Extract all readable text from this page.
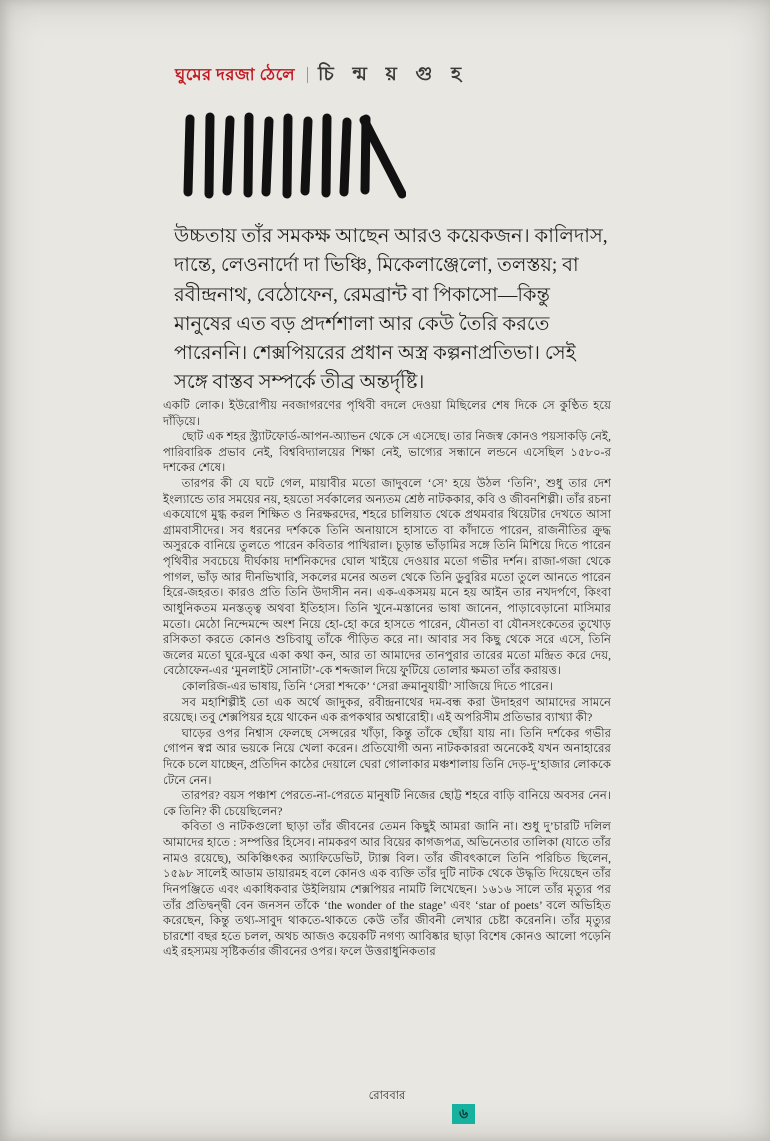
ঘুমের দরজা ঠেলে চি ন্ম য় গু হ
উচ্চতায় তাঁর সমকক্ষ আছেন আরও কয়েকজন। কালিদাস, দান্তে, লেওনার্দো দা ভিঞ্চি, মিকেলাঞ্জেলো, তলস্তয়; বা রবীন্দ্রনাথ, বেঠোফেন, রেমব্রান্ট বা পিকাসো—কিন্তু মানুষের এত বড় প্রদর্শশালা আর কেউ তৈরি করতে পারেননি। শেক্সপিয়রের প্রধান অস্ত্র কল্পনাপ্রতিভা। সেই সঙ্গে বাস্তব সম্পর্কে তীব্র অন্তর্দৃষ্টি।

একটি লোক। ইউরোপীয় নবজাগরণের পৃথিবী বদলে দেওয়া মিছিলের শেষ দিকে সে কুণ্ঠিত হয়ে দাঁড়িয়ে।

ছোট এক শহর স্ট্র্যাটফোর্ড-আপন-অ্যাভন থেকে সে এসেছে। তার নিজস্ব কোনও পয়সাকড়ি নেই, পারিবারিক প্রভাব নেই, বিশ্ববিদ্যালয়ের শিক্ষা নেই, ভাগ্যের সন্ধানে লন্ডনে এসেছিল ১৫৮০-র দশকের শেষে।

তারপর কী যে ঘটে গেল, মায়াবীর মতো জাদুবলে ‘সে’ হয়ে উঠল ‘তিনি’, শুধু তার দেশ ইংল্যান্ডে তার সময়ের নয়, হয়তো সর্বকালের অন্যতম শ্রেষ্ঠ নাটককার, কবি ও জীবনশিল্পী। তাঁর রচনা একযোগে মুগ্ধ করল শিক্ষিত ও নিরক্ষরদের, শহরে চালিয়াত থেকে প্রথমবার থিয়েটার দেখতে আসা গ্রামবাসীদের। সব ধরনের দর্শককে তিনি অনায়াসে হাসাতে বা কাঁদাতে পারেন, রাজনীতির ক্রুদ্ধ অসুরকে বানিয়ে তুলতে পারেন কবিতার পাখিরাল। চূড়ান্ত ভাঁড়ামির সঙ্গে তিনি মিশিয়ে দিতে পারেন পৃথিবীর সবচেয়ে দীর্ঘকায় দার্শনিকদের ঘোল খাইয়ে দেওয়ার মতো গভীর দর্শন। রাজা-গজা থেকে পাগল, ভাঁড় আর দীনভিখারি, সকলের মনের অতল থেকে তিনি ডুবুরির মতো তুলে আনতে পারেন হিরে-জহরত। কারও প্রতি তিনি উদাসীন নন। এক-একসময় মনে হয় আইন তার নখদর্পণে, কিংবা আধুনিকতম মনস্তত্ত্ব অথবা ইতিহাস। তিনি খুনে-মস্তানের ভাষা জানেন, পাড়াবেড়ানো মাসিমার মতো। মেঠো নিন্দেমন্দে অংশ নিয়ে হো-হো করে হাসতে পারেন, যৌনতা বা যৌনসংকেতের তুখোড় রসিকতা করতে কোনও শুচিবায়ু তাঁকে পীড়িত করে না। আবার সব কিছু থেকে সরে এসে, তিনি জলের মতো ঘুরে-ঘুরে একা কথা কন, আর তা আমাদের তানপুরার তারের মতো মন্দ্রিত করে দেয়, বেঠোফেন-এর ‘মুনলাইট সোনাটা’-কে শব্দজাল দিয়ে ফুটিয়ে তোলার ক্ষমতা তাঁর করায়ত্ত।

কোলরিজ-এর ভাষায়, তিনি ‘সেরা শব্দকে’ ‘সেরা ক্রমানুযায়ী’ সাজিয়ে দিতে পারেন।

সব মহাশিল্পীই তো এক অর্থে জাদুকর, রবীন্দ্রনাথের দম-বন্ধ করা উদাহরণ আমাদের সামনে রয়েছে। তবু শেক্সপিয়র হয়ে থাকেন এক রূপকথার অশ্বারোহী। এই অপরিসীম প্রতিভার ব্যাখ্যা কী?

ঘাড়ের ওপর নিশ্বাস ফেলছে সেন্সরের খাঁড়া, কিন্তু তাঁকে ছোঁয়া যায় না। তিনি দর্শকের গভীর গোপন স্বপ্ন আর ভয়কে নিয়ে খেলা করেন। প্রতিযোগী অন্য নাটককাররা অনেকেই যখন অনাহারের দিকে চলে যাচ্ছেন, প্রতিদিন কাঠের দেয়ালে ঘেরা গোলাকার মঞ্চশালায় তিনি দেড়-দু’হাজার লোককে টেনে নেন।

তারপর? বয়স পঞ্চাশ পেরতে-না-পেরতে মানুষটি নিজের ছোট্ট শহরে বাড়ি বানিয়ে অবসর নেন। কে তিনি? কী চেয়েছিলেন?

কবিতা ও নাটকগুলো ছাড়া তাঁর জীবনের তেমন কিছুই আমরা জানি না। শুধু দু’চারটি দলিল আমাদের হাতে : সম্পত্তির হিসেব। নামকরণ আর বিয়ের কাগজপত্র, অভিনেতার তালিকা (যাতে তাঁর নামও রয়েছে), অকিঞ্চিৎকর অ্যাফিডেভিট, ট্যাক্স বিল। তাঁর জীবৎকালে তিনি পরিচিত ছিলেন, ১৫৯৮ সালেই আডাম ডায়ারমহ বলে কোনও এক ব্যক্তি তাঁর দুটি নাটক থেকে উদ্ধৃতি দিয়েছেন তাঁর দিনপঞ্জিতে এবং একাধিকবার উইলিয়াম শেক্সপিয়র নামটি লিখেছেন। ১৬১৬ সালে তাঁর মৃত্যুর পর তাঁর প্রতিদ্বন্দ্বী বেন জনসন তাঁকে ‘the wonder of the stage’ এবং ‘star of poets’ বলে অভিহিত করেছেন, কিন্তু তথ্য-সাবুদ থাকতে-থাকতে কেউ তাঁর জীবনী লেখার চেষ্টা করেননি। তাঁর মৃত্যুর চারশো বছর হতে চলল, অথচ আজও কয়েকটি নগণ্য আবিষ্কার ছাড়া বিশেষ কোনও আলো পড়েনি এই রহস্যময় সৃষ্টিকর্তার জীবনের ওপর। ফলে উত্তরাধুনিকতার

রোববার
৬
